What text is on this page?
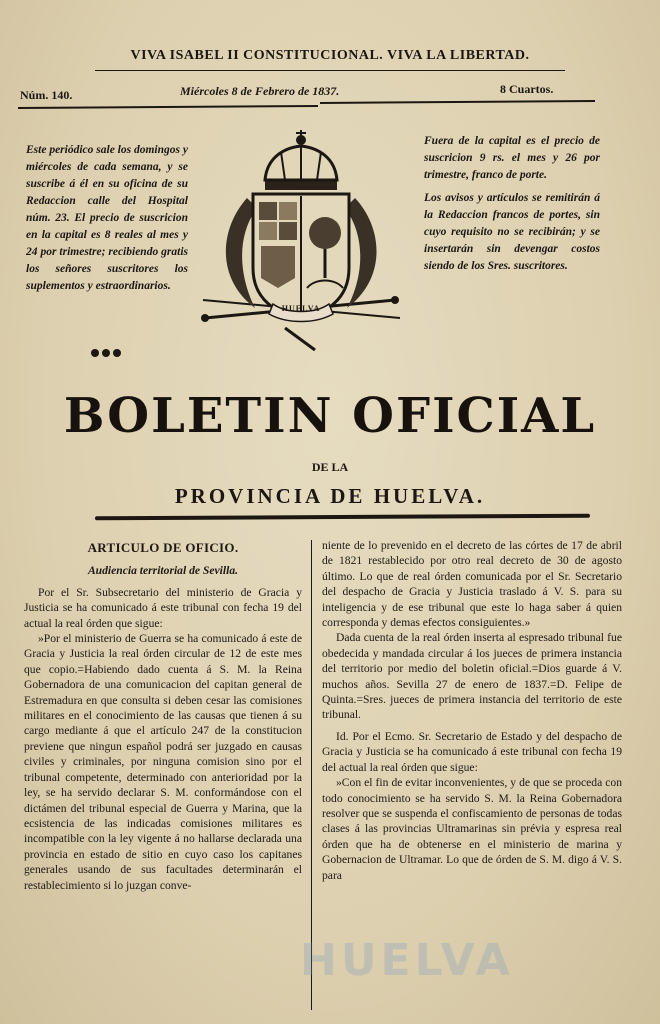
VIVA ISABEL II CONSTITUCIONAL. VIVA LA LIBERTAD.
Núm. 140.	Miércoles 8 de Febrero de 1837.	8 Cuartos.

Este periódico sale los domingos y miércoles de cada semana, y se suscribe á él en su oficina de su Redaccion calle del Hospital núm. 23. El precio de suscricion en la capital es 8 reales al mes y 24 por trimestre; recibiendo gratis los señores suscritores los suplementos y estraordinarios.

HUELVA

Fuera de la capital es el precio de suscricion 9 rs. el mes y 26 por trimestre, franco de porte.

Los avisos y artículos se remitirán á la Redaccion francos de portes, sin cuyo requisito no se recibirán; y se insertarán sin devengar costos siendo de los Sres. suscritores.

BOLETIN OFICIAL
DE LA
PROVINCIA DE HUELVA.

ARTICULO DE OFICIO.

Audiencia territorial de Sevilla.

Por el Sr. Subsecretario del ministerio de Gracia y Justicia se ha comunicado á este tribunal con fecha 19 del actual la real órden que sigue:

»Por el ministerio de Guerra se ha comunicado á este de Gracia y Justicia la real órden circular de 12 de este mes que copio.=Habiendo dado cuenta á S. M. la Reina Gobernadora de una comunicacion del capitan general de Estremadura en que consulta si deben cesar las comisiones militares en el conocimiento de las causas que tienen á su cargo mediante á que el artículo 247 de la constitucion previene que ningun español podrá ser juzgado en causas civiles y criminales, por ninguna comision sino por el tribunal competente, determinado con anterioridad por la ley, se ha servido declarar S. M. conformándose con el dictámen del tribunal especial de Guerra y Marina, que la ecsistencia de las indicadas comisiones militares es incompatible con la ley vigente á no hallarse declarada una provincia en estado de sitio en cuyo caso los capitanes generales usando de sus facultades determinarán el restablecimiento si lo juzgan conve-

niente de lo prevenido en el decreto de las córtes de 17 de abril de 1821 restablecido por otro real decreto de 30 de agosto último. Lo que de real órden comunicada por el Sr. Secretario del despacho de Gracia y Justicia traslado á V. S. para su inteligencia y de ese tribunal que este lo haga saber á quien corresponda y demas efectos consiguientes.»

Dada cuenta de la real órden inserta al espresado tribunal fue obedecida y mandada circular á los jueces de primera instancia del territorio por medio del boletin oficial.=Dios guarde á V. muchos años. Sevilla 27 de enero de 1837.=D. Felipe de Quinta.=Sres. jueces de primera instancia del territorio de este tribunal.

Id. Por el Ecmo. Sr. Secretario de Estado y del despacho de Gracia y Justicia se ha comunicado á este tribunal con fecha 19 del actual la real órden que sigue:

»Con el fin de evitar inconvenientes, y de que se proceda con todo conocimiento se ha servido S. M. la Reina Gobernadora resolver que se suspenda el confiscamiento de personas de todas clases á las provincias Ultramarinas sin prévia y espresa real órden que ha de obtenerse en el ministerio de marina y Gobernacion de Ultramar. Lo que de órden de S. M. digo á V. S. para

HUELVA
